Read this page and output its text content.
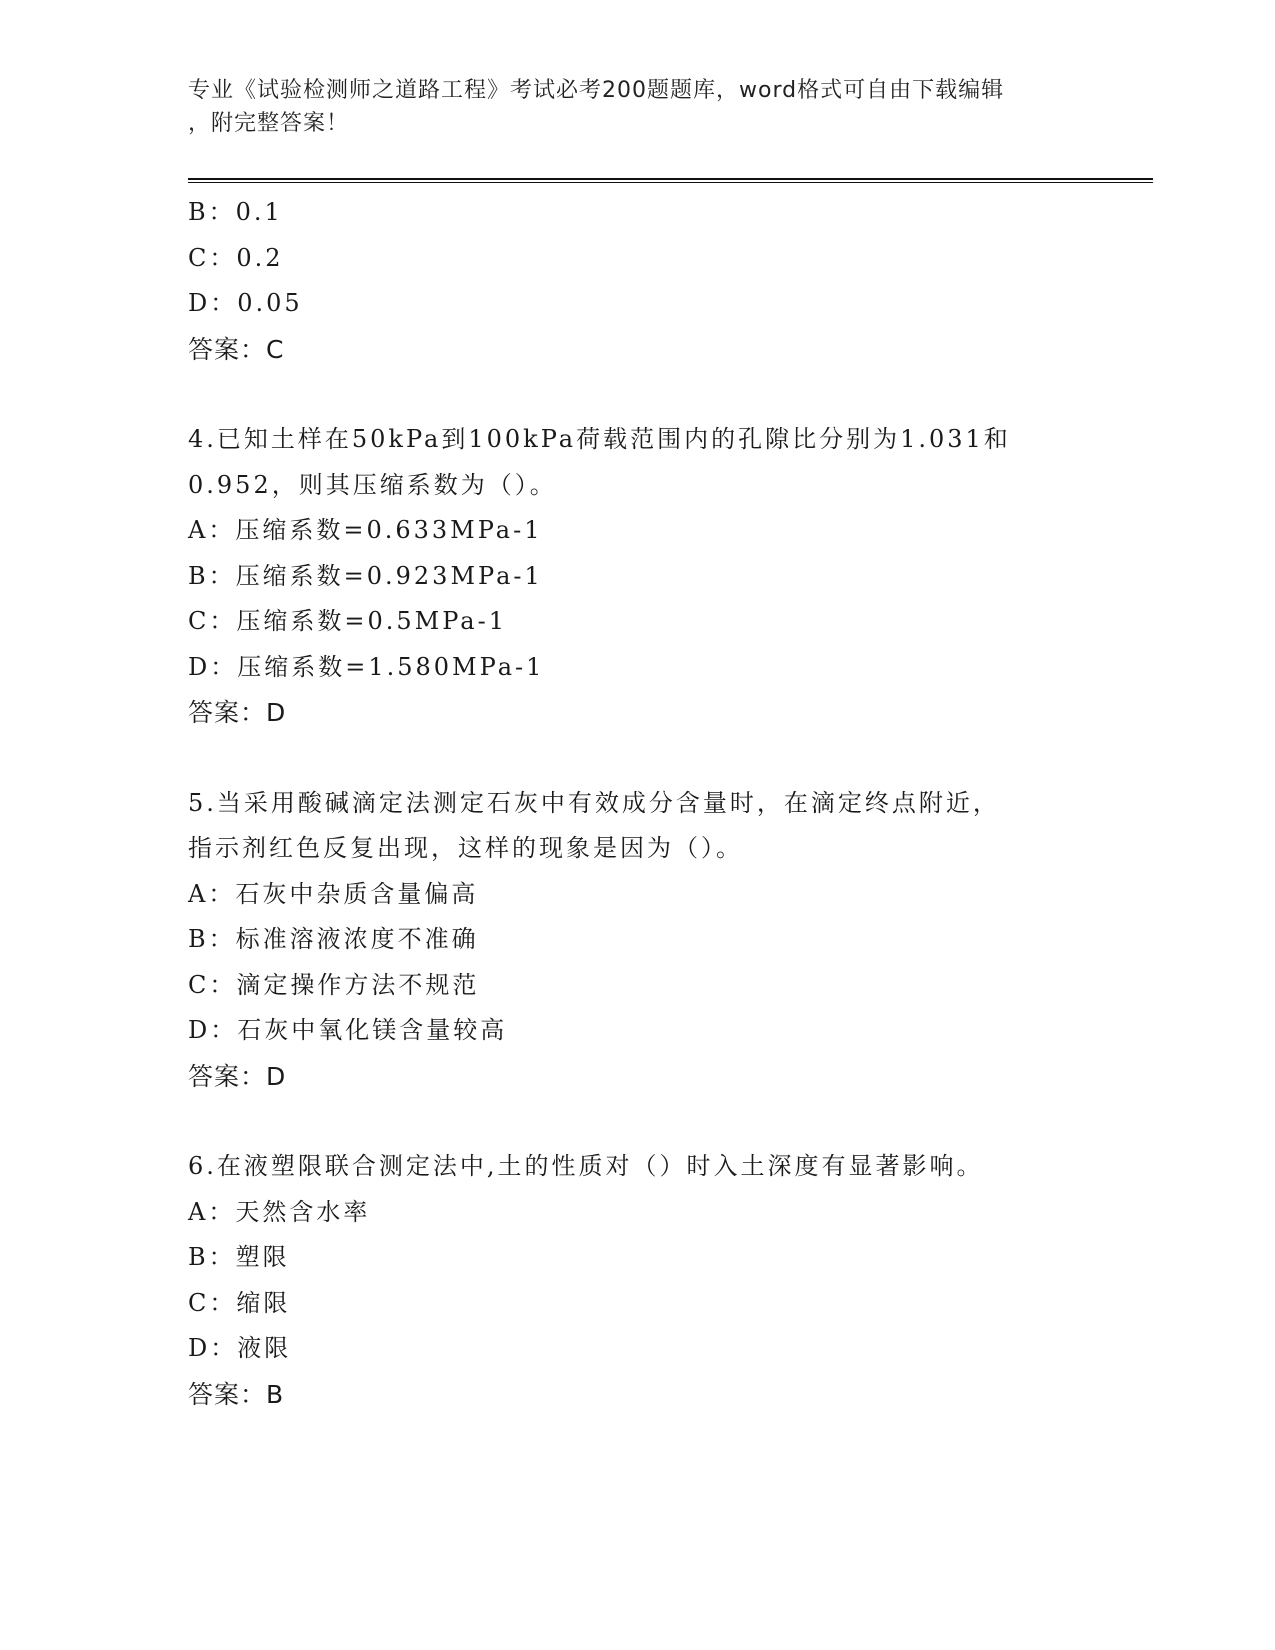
专业《试验检测师之道路工程》考试必考200题题库，word格式可自由下载编辑
，附完整答案！
B：0.1
C：0.2
D：0.05
答案：C
4.已知土样在50kPa到100kPa荷载范围内的孔隙比分别为1.031和
0.952，则其压缩系数为（）。
A：压缩系数=0.633MPa-1
B：压缩系数=0.923MPa-1
C：压缩系数=0.5MPa-1
D：压缩系数=1.580MPa-1
答案：D
5.当采用酸碱滴定法测定石灰中有效成分含量时，在滴定终点附近，
指示剂红色反复出现，这样的现象是因为（）。
A：石灰中杂质含量偏高
B：标准溶液浓度不准确
C：滴定操作方法不规范
D：石灰中氧化镁含量较高
答案：D
6.在液塑限联合测定法中,土的性质对（）时入土深度有显著影响。
A：天然含水率
B：塑限
C：缩限
D：液限
答案：B
